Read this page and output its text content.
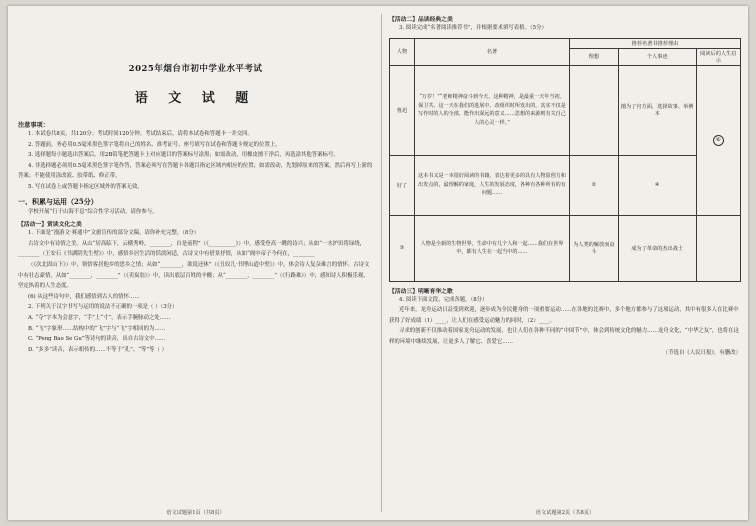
2025年烟台市初中学业水平考试
语 文 试 题
注意事项：

1. 本试卷共8页，共120分；考试时间120分钟。考试结束后，请将本试卷和答题卡一并交回。

2. 答题前，务必用0.5毫米黑色签字笔将自己的姓名、准考证号、座号填写在试卷和答题卡规定的位置上。

3. 选择题每小题选出答案后，用2B铅笔把答题卡上对应题目的答案标号涂黑；如需改动，用橡皮擦干净后，再选涂其他答案标号。

4. 非选择题必须用0.5毫米黑色签字笔作答，答案必须写在答题卡各题目指定区域内相应的位置；如需改动，先划掉原来的答案，然后再写上新的答案；不能使用涂改液、胶带纸、修正带。

5. 写在试卷上或答题卡指定区域外的答案无效。

一、积累与运用（25分）

学校开展“行于山海不息”综合性学习活动，请你参与。

【活动一】赏读文化之美

1. 下面是“漫游文·赛通中”文旅宣传的部分文稿，请你补充完整。（8分）

古诗文中有诗情之美。从山“居高临下，云横秀岭，________，自是前程”（《__________》）中，感受登高一眺的诗兴；从如“一水护田将绿绕，________（王安石《书湖阴先生壁》）中，感悟乡居生活的恬淡闲适，古诗文中有借景抒情，从如“阁中帝子今何在，________

（《次北固山下》）中，领悟客居他乡的思乡之情；从如“________，欲说还休”（《丑奴儿·书博山道中壁》）中，体会诗人复杂难言的情怀。古诗文中有壮志豪情，从如“________，________”（《卖炭翁》）中，读出底层百姓的辛酸；从“________，________”（《行路难》）中，感知诗人积极乐观、坚定执着的人生态度。

(6) 从这些诗句中，我们感悟到古人的情怀……

2. 下列关于汉字书写与运用的说法不正确的一项是（ ）（3分）

A. “夺”字本为会意字，“手”上“寸”，表示手腕脉动之处……

B. “飞”字象形……结构中的“飞”字与“飞”字相同的为……

C. “Peng Bao Se Gu”等诗句的读音，出自古诗文中……

D. “多多”读音，表示相传的……不等于“孔”、“等”等（ ）

语文试题第1页（共8页）
【活动二】品读经典之美

3. 阅读完成“名著阅读推荐书”，并根据要求填写表格。（5分）

人物	名著	推荐名著书推荐理由		
		理想	个人事迹	阅读后的人生启示
鲁迅	“万岁！”“老师精神奋斗到今天，这种精神，是最重一天年当初。保卫共、这一天在我们的进展中。改组织时所发出的，其实不仅是写作时的人的全部，能作出深远的意义……思想的来源则有关自己人的心灵一样。”		擅为了官方面，选择故事、举例本	⑥
好了	这本书又是一本很好阅读的书籍，表达着更多的具有人物原创力和出发点的，最理解的家庭，人生的发展态度，各种有各种所有的有问题……	②	④	
③	人物是全新的生物世界，生命中有几个人和一起……我们在世界中，都有人生在一起当中的……	为人类的解放而奋斗	成为了革命的杰出战士	
【活动三】明晰育华之歌

4. 阅读下面文段，完成各题。（8分）

近年来，龙舟运动日益受到欢迎，逐步成为全民健身的一项重要运动……在各地的比赛中，多个地方都参与了这项运动，其中有很多人在比赛中获得了好成绩（1）____，让人们在感受运动魅力的同时，（2）____。

寻求的创新不仅推动着国家龙舟运动的发展，也让人们在各种不同的“中国节”中，体会到传统文化的魅力……龙舟文化，“中华之友”，也将在这样的环境中继续发展，让更多人了解它、喜爱它……

（节选自《人民日报》，有删改）

语文试题第2页（共8页）
